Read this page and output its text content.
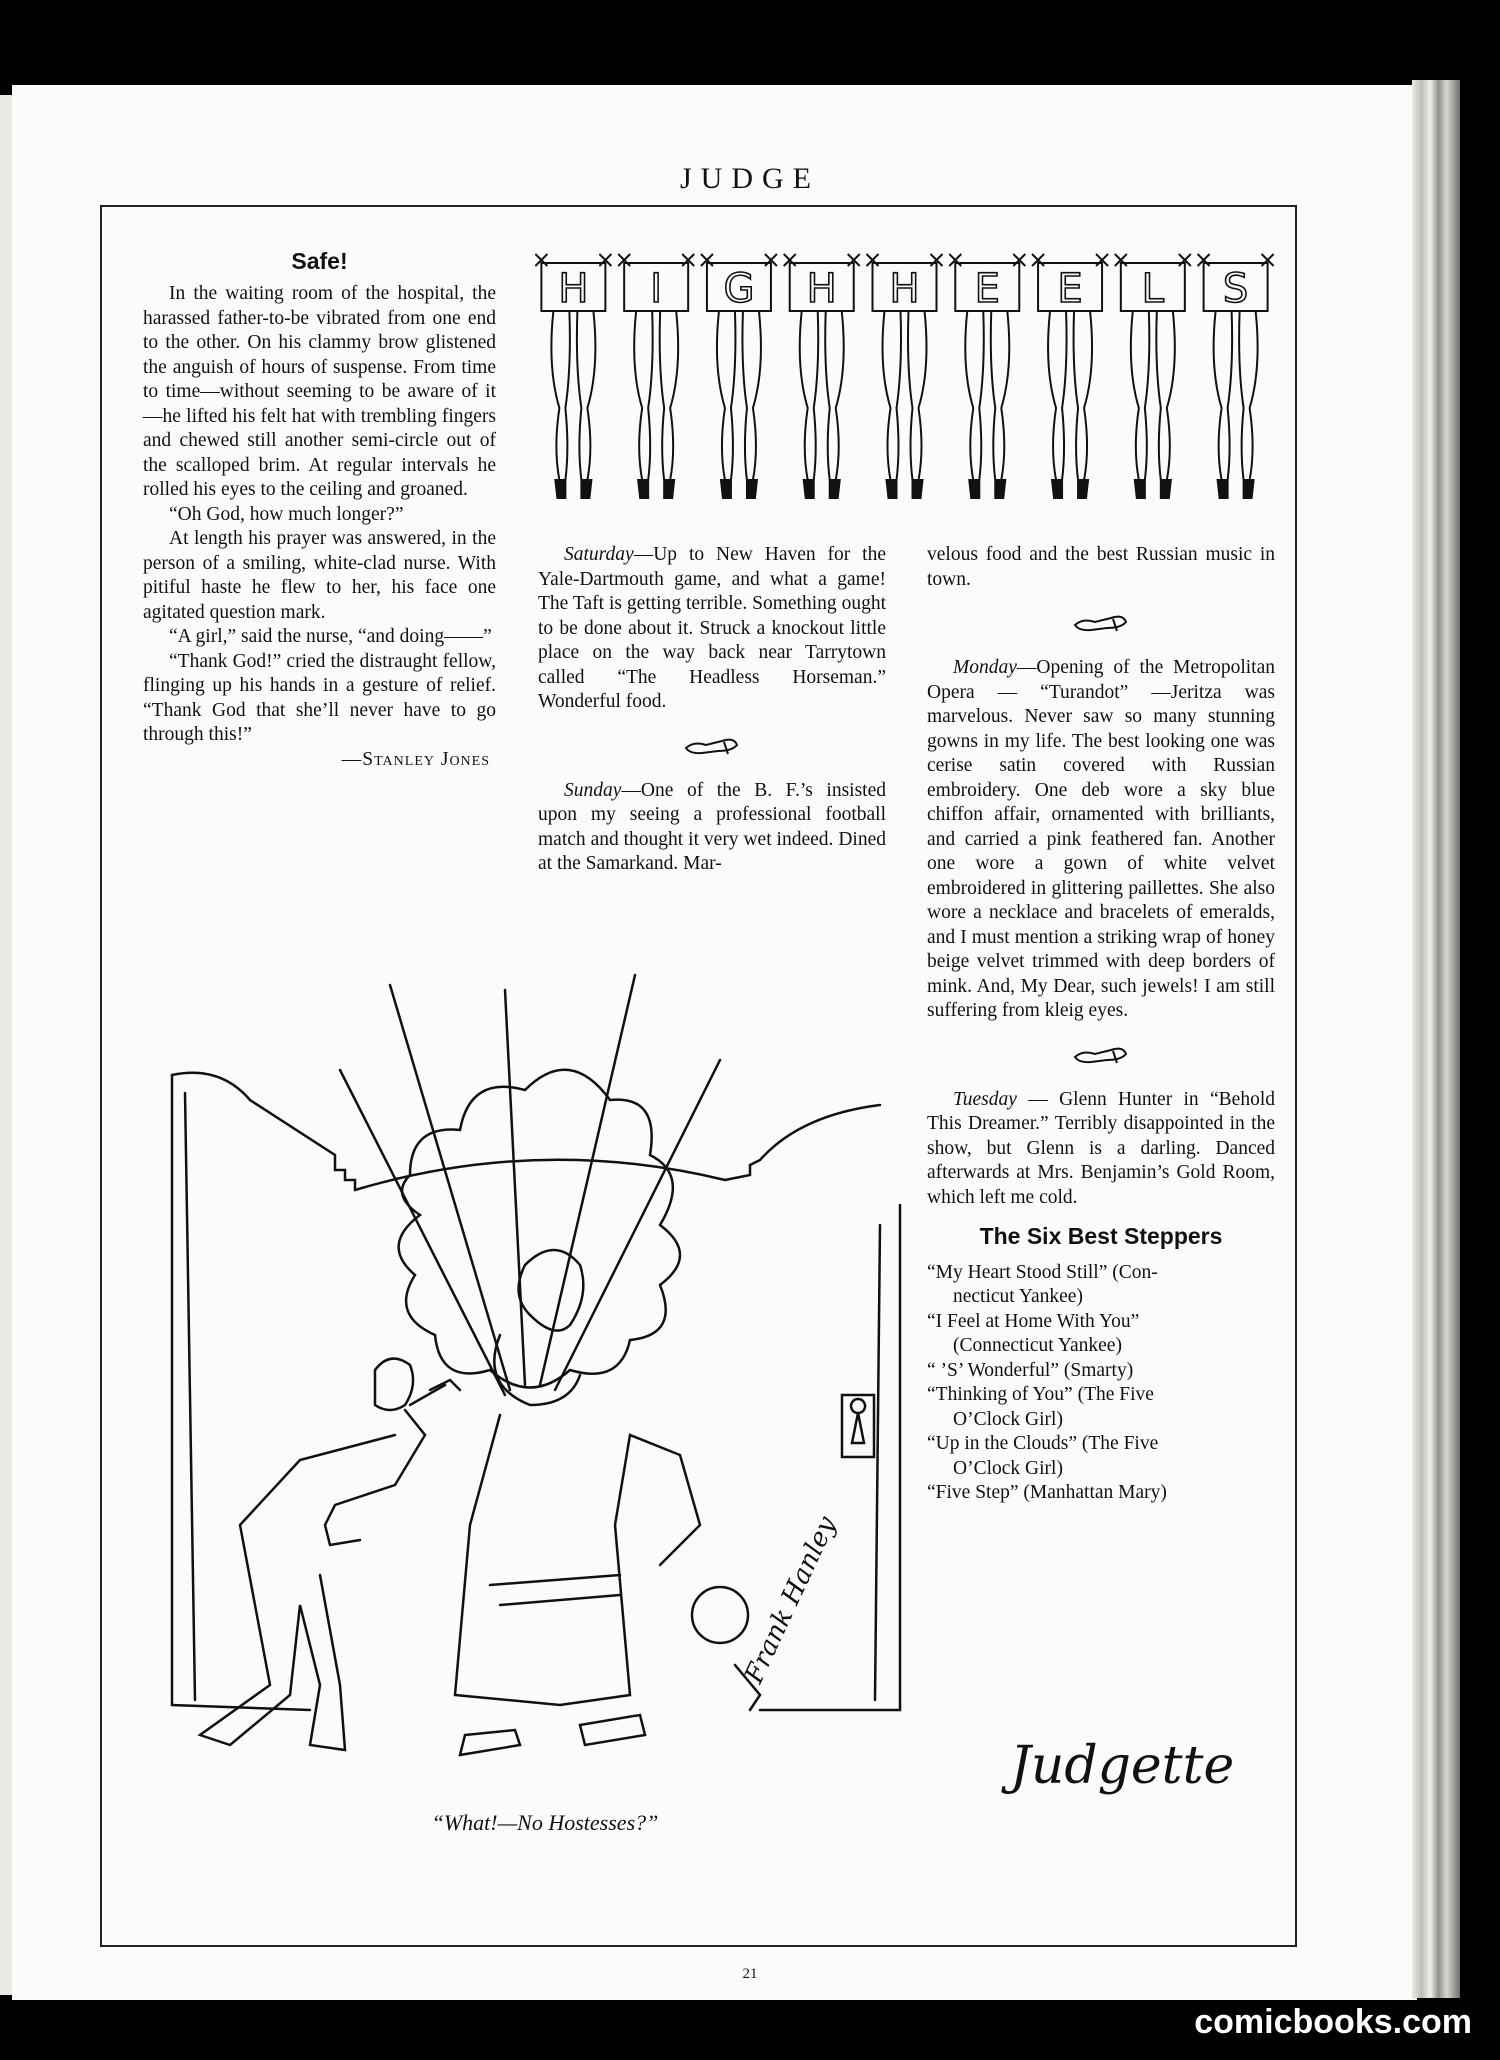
JUDGE
Safe!

In the waiting room of the hospital, the harassed father-to-be vibrated from one end to the other. On his clammy brow glistened the anguish of hours of suspense. From time to time—without seeming to be aware of it—he lifted his felt hat with trembling fingers and chewed still another semi-circle out of the scalloped brim. At regular intervals he rolled his eyes to the ceiling and groaned.

“Oh God, how much longer?”

At length his prayer was answered, in the person of a smiling, white-clad nurse. With pitiful haste he flew to her, his face one agitated question mark.

“A girl,” said the nurse, “and doing——”

“Thank God!” cried the distraught fellow, flinging up his hands in a gesture of relief. “Thank God that she’ll never have to go through this!”

—Stanley Jones
H I G H H E E L S

Saturday—Up to New Haven for the Yale-Dartmouth game, and what a game! The Taft is getting terrible. Something ought to be done about it. Struck a knockout little place on the way back near Tarrytown called “The Headless Horseman.” Wonderful food.

Sunday—One of the B. F.’s insisted upon my seeing a professional football match and thought it very wet indeed. Dined at the Samarkand. Mar-

velous food and the best Russian music in town.

Monday—Opening of the Metropolitan Opera — “Turandot” —Jeritza was marvelous. Never saw so many stunning gowns in my life. The best looking one was cerise satin covered with Russian embroidery. One deb wore a sky blue chiffon affair, ornamented with brilliants, and carried a pink feathered fan. Another one wore a gown of white velvet embroidered in glittering paillettes. She also wore a necklace and bracelets of emeralds, and I must mention a striking wrap of honey beige velvet trimmed with deep borders of mink. And, My Dear, such jewels! I am still suffering from kleig eyes.

Tuesday — Glenn Hunter in “Behold This Dreamer.” Terribly disappointed in the show, but Glenn is a darling. Danced afterwards at Mrs. Benjamin’s Gold Room, which left me cold.

The Six Best Steppers
“My Heart Stood Still” (Con-
necticut Yankee)
“I Feel at Home With You”
(Connecticut Yankee)
“ ’S’ Wonderful” (Smarty)
“Thinking of You” (The Five
O’Clock Girl)
“Up in the Clouds” (The Five
O’Clock Girl)
“Five Step” (Manhattan Mary)
Frank Hanley
Judgette
“What!—No Hostesses?”
21
comicbooks.com
